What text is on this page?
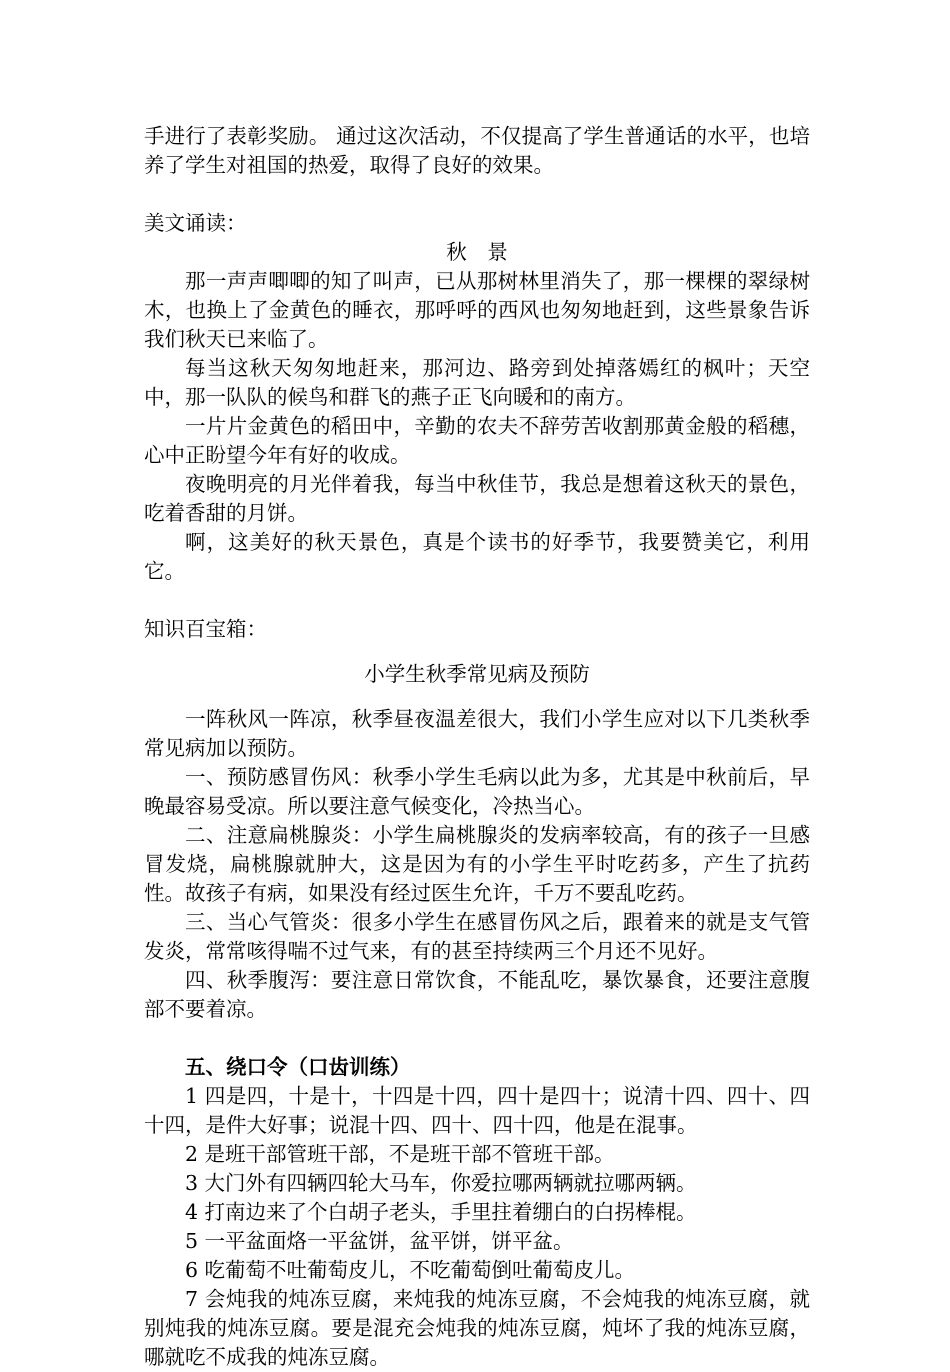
手进行了表彰奖励。 通过这次活动，不仅提高了学生普通话的水平，也培养了学生对祖国的热爱，取得了良好的效果。

美文诵读：

秋　景

那一声声唧唧的知了叫声，已从那树林里消失了，那一棵棵的翠绿树木，也换上了金黄色的睡衣，那呼呼的西风也匆匆地赶到，这些景象告诉我们秋天已来临了。

每当这秋天匆匆地赶来，那河边、路旁到处掉落嫣红的枫叶；天空中，那一队队的候鸟和群飞的燕子正飞向暖和的南方。

一片片金黄色的稻田中，辛勤的农夫不辞劳苦收割那黄金般的稻穗，心中正盼望今年有好的收成。

夜晚明亮的月光伴着我，每当中秋佳节，我总是想着这秋天的景色，吃着香甜的月饼。

啊，这美好的秋天景色，真是个读书的好季节，我要赞美它，利用它。

知识百宝箱：

小学生秋季常见病及预防

一阵秋风一阵凉，秋季昼夜温差很大，我们小学生应对以下几类秋季常见病加以预防。

一、预防感冒伤风：秋季小学生毛病以此为多，尤其是中秋前后，早晚最容易受凉。所以要注意气候变化，冷热当心。

二、注意扁桃腺炎：小学生扁桃腺炎的发病率较高，有的孩子一旦感冒发烧，扁桃腺就肿大，这是因为有的小学生平时吃药多，产生了抗药性。故孩子有病，如果没有经过医生允许，千万不要乱吃药。

三、当心气管炎：很多小学生在感冒伤风之后，跟着来的就是支气管发炎，常常咳得喘不过气来，有的甚至持续两三个月还不见好。

四、秋季腹泻：要注意日常饮食，不能乱吃，暴饮暴食，还要注意腹部不要着凉。

五、绕口令（口齿训练）

1 四是四，十是十，十四是十四，四十是四十；说清十四、四十、四十四，是件大好事；说混十四、四十、四十四，他是在混事。

2 是班干部管班干部，不是班干部不管班干部。

3 大门外有四辆四轮大马车，你爱拉哪两辆就拉哪两辆。

4 打南边来了个白胡子老头，手里拄着绷白的白拐棒棍。

5 一平盆面烙一平盆饼，盆平饼，饼平盆。

6 吃葡萄不吐葡萄皮儿，不吃葡萄倒吐葡萄皮儿。

7 会炖我的炖冻豆腐，来炖我的炖冻豆腐，不会炖我的炖冻豆腐，就别炖我的炖冻豆腐。要是混充会炖我的炖冻豆腐，炖坏了我的炖冻豆腐，哪就吃不成我的炖冻豆腐。
